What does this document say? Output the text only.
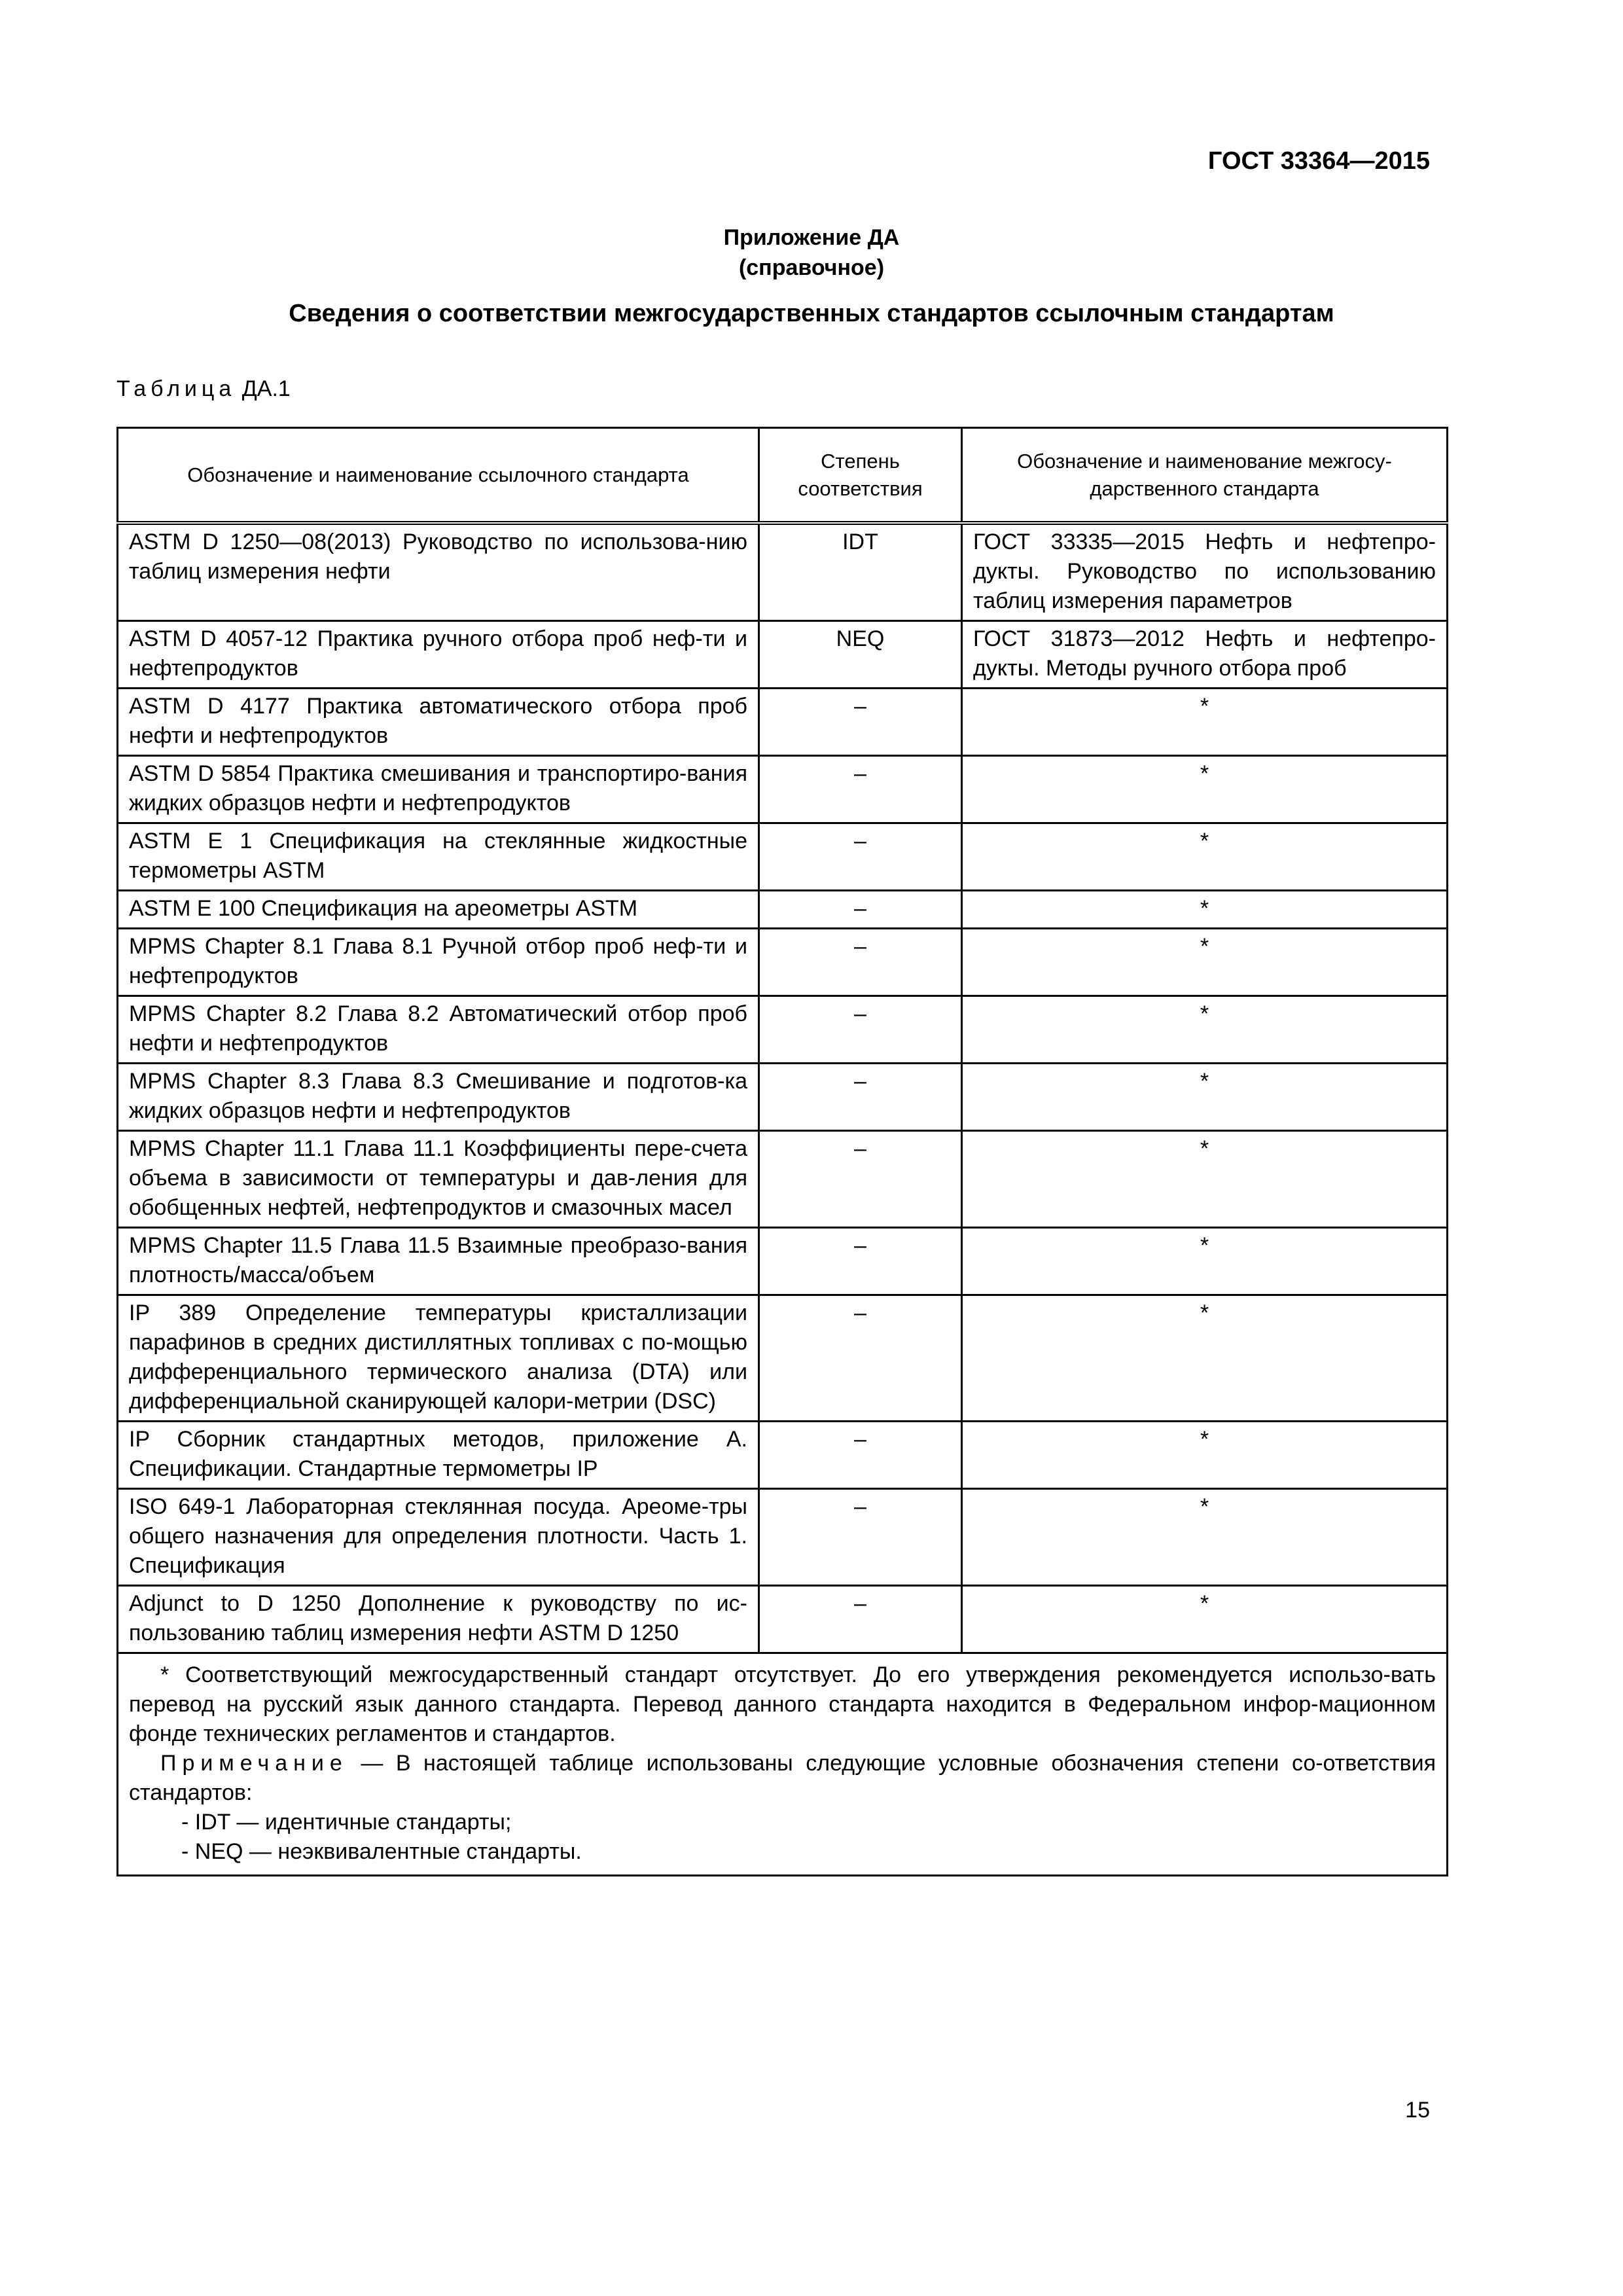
ГОСТ 33364—2015
Приложение ДА
(справочное)
Сведения о соответствии межгосударственных стандартов ссылочным стандартам
Таблица ДА.1
Обозначение и наименование ссылочного стандарта	Степень соответствия	Обозначение и наименование межгосу-дарственного стандарта
ASTM D 1250—08(2013) Руководство по использова-нию таблиц измерения нефти	IDT	ГОСТ 33335—2015 Нефть и нефтепро-дукты. Руководство по использованию таблиц измерения параметров
ASTM D 4057-12 Практика ручного отбора проб неф-ти и нефтепродуктов	NEQ	ГОСТ 31873—2012 Нефть и нефтепро-дукты. Методы ручного отбора проб
ASTM D 4177 Практика автоматического отбора проб нефти и нефтепродуктов	–	*
ASTM D 5854 Практика смешивания и транспортиро-вания жидких образцов нефти и нефтепродуктов	–	*
ASTM E 1 Спецификация на стеклянные жидкостные термометры ASTM	–	*
ASTM E 100 Спецификация на ареометры ASTM	–	*
MPMS Chapter 8.1 Глава 8.1 Ручной отбор проб неф-ти и нефтепродуктов	–	*
MPMS Chapter 8.2 Глава 8.2 Автоматический отбор проб нефти и нефтепродуктов	–	*
MPMS Chapter 8.3 Глава 8.3 Смешивание и подготов-ка жидких образцов нефти и нефтепродуктов	–	*
MPMS Chapter 11.1 Глава 11.1 Коэффициенты пере-счета объема в зависимости от температуры и дав-ления для обобщенных нефтей, нефтепродуктов и смазочных масел	–	*
MPMS Chapter 11.5 Глава 11.5 Взаимные преобразо-вания плотность/масса/объем	–	*
IP 389 Определение температуры кристаллизации парафинов в средних дистиллятных топливах с по-мощью дифференциального термического анализа (DTA) или дифференциальной сканирующей калори-метрии (DSC)	–	*
IP Сборник стандартных методов, приложение А. Спецификации. Стандартные термометры IP	–	*
ISO 649-1 Лабораторная стеклянная посуда. Ареоме-тры общего назначения для определения плотности. Часть 1. Спецификация	–	*
Adjunct to D 1250 Дополнение к руководству по ис-пользованию таблиц измерения нефти ASTM D 1250	–	*

* Соответствующий межгосударственный стандарт отсутствует. До его утверждения рекомендуется использо-вать перевод на русский язык данного стандарта. Перевод данного стандарта находится в Федеральном инфор-мационном фонде технических регламентов и стандартов.

Примечание — В настоящей таблице использованы следующие условные обозначения степени со-ответствия стандартов:

- IDT — идентичные стандарты;

- NEQ — неэквивалентные стандарты.		

15
